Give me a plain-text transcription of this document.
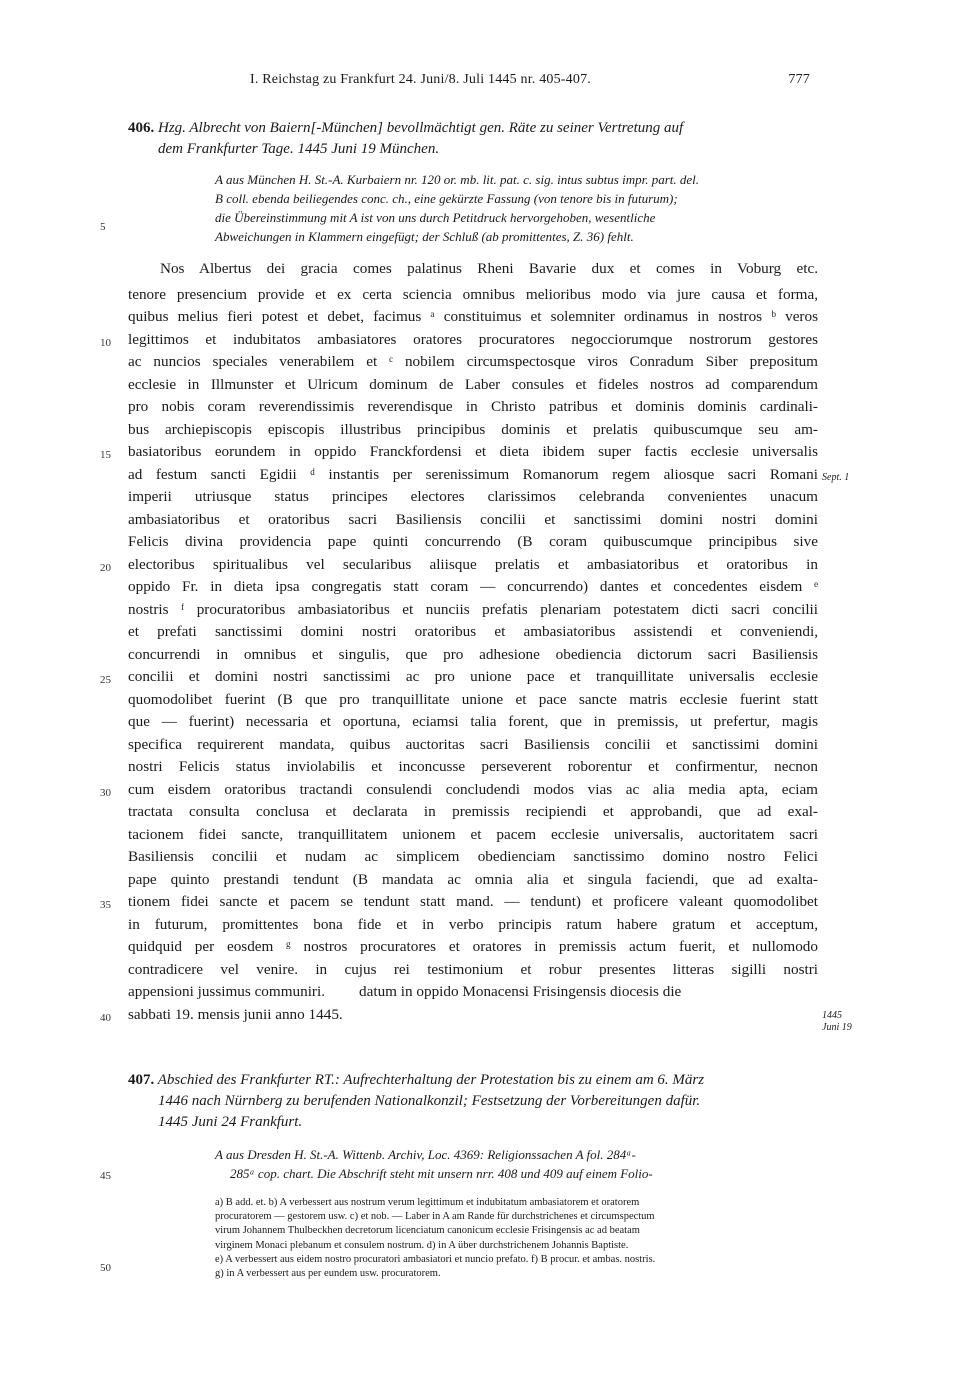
I. Reichstag zu Frankfurt 24. Juni/8. Juli 1445 nr. 405-407.	777
406. Hzg. Albrecht von Baiern[-München] bevollmächtigt gen. Räte zu seiner Vertretung auf
dem Frankfurter Tage. 1445 Juni 19 München.
A aus München H. St.-A. Kurbaiern nr. 120 or. mb. lit. pat. c. sig. intus subtus impr. part. del.
B coll. ebenda beiliegendes conc. ch., eine gekürzte Fassung (von tenore bis in futurum);
die Übereinstimmung mit A ist von uns durch Petitdruck hervorgehoben, wesentliche
Abweichungen in Klammern eingefügt; der Schluß (ab promittentes, Z. 36) fehlt.

Nos Albertus dei gracia comes palatinus Rheni Bavarie dux et comes in Voburg etc.

tenore presencium provide et ex certa sciencia omnibus melioribus modo via jure causa et forma,

quibus melius fieri potest et debet, facimus ᵃ constituimus et solemniter ordinamus in nostros ᵇ veros

legittimos et indubitatos ambasiatores oratores procuratores negocciorumque nostrorum gestores

ac nuncios speciales venerabilem et ᶜ nobilem circumspectosque viros Conradum Siber prepositum

ecclesie in Illmunster et Ulricum dominum de Laber consules et fideles nostros ad comparendum

pro nobis coram reverendissimis reverendisque in Christo patribus et dominis dominis cardinali-

bus archiepiscopis episcopis illustribus principibus dominis et prelatis quibuscumque seu am-

basiatoribus eorundem in oppido Franckfordensi et dieta ibidem super factis ecclesie universalis

ad festum sancti Egidii ᵈ instantis per serenissimum Romanorum regem aliosque sacri Romani

imperii utriusque status principes electores clarissimos celebranda convenientes unacum

ambasiatoribus et oratoribus sacri Basiliensis concilii et sanctissimi domini nostri domini

Felicis divina providencia pape quinti concurrendo (B coram quibuscumque principibus sive

electoribus spiritualibus vel secularibus aliisque prelatis et ambasiatoribus et oratoribus in

oppido Fr. in dieta ipsa congregatis statt coram — concurrendo) dantes et concedentes eisdem ᵉ

nostris ᶠ procuratoribus ambasiatoribus et nunciis prefatis plenariam potestatem dicti sacri concilii

et prefati sanctissimi domini nostri oratoribus et ambasiatoribus assistendi et conveniendi,

concurrendi in omnibus et singulis, que pro adhesione obediencia dictorum sacri Basiliensis

concilii et domini nostri sanctissimi ac pro unione pace et tranquillitate universalis ecclesie

quomodolibet fuerint (B que pro tranquillitate unione et pace sancte matris ecclesie fuerint statt

que — fuerint) necessaria et oportuna, eciamsi talia forent, que in premissis, ut prefertur, magis

specifica requirerent mandata, quibus auctoritas sacri Basiliensis concilii et sanctissimi domini

nostri Felicis status inviolabilis et inconcusse perseverent roborentur et confirmentur, necnon

cum eisdem oratoribus tractandi consulendi concludendi modos vias ac alia media apta, eciam

tractata consulta conclusa et declarata in premissis recipiendi et approbandi, que ad exal-

tacionem fidei sancte, tranquillitatem unionem et pacem ecclesie universalis, auctoritatem sacri

Basiliensis concilii et nudam ac simplicem obedienciam sanctissimo domino nostro Felici

pape quinto prestandi tendunt (B mandata ac omnia alia et singula faciendi, que ad exalta-

tionem fidei sancte et pacem se tendunt statt mand. — tendunt) et proficere valeant quomodolibet

in futurum, promittentes bona fide et in verbo principis ratum habere gratum et acceptum,

quidquid per eosdem ᵍ nostros procuratores et oratores in premissis actum fuerit, et nullomodo

contradicere vel venire. in cujus rei testimonium et robur presentes litteras sigilli nostri

appensioni jussimus communiri. datum in oppido Monacensi Frisingensis diocesis die

sabbati 19. mensis junii anno 1445.

Sept. 1
1445
Juni 19
5
10
15
20
25
30
35
40
45
50
407. Abschied des Frankfurter RT.: Aufrechterhaltung der Protestation bis zu einem am 6. März
1446 nach Nürnberg zu berufenden Nationalkonzil; Festsetzung der Vorbereitungen dafür.
1445 Juni 24 Frankfurt.
A aus Dresden H. St.-A. Wittenb. Archiv, Loc. 4369: Religionssachen A fol. 284ᵃ-
285ᵃ cop. chart. Die Abschrift steht mit unsern nrr. 408 und 409 auf einem Folio-
a) B add. et. b) A verbessert aus nostrum verum legittimum et indubitatum ambasiatorem et oratorem
procuratorem — gestorem usw. c) et nob. — Laber in A am Rande für durchstrichenes et circumspectum
virum Johannem Thulbeckhen decretorum licenciatum canonicum ecclesie Frisingensis ac ad beatam
virginem Monaci plebanum et consulem nostrum. d) in A über durchstrichenem Johannis Baptiste.
e) A verbessert aus eidem nostro procuratori ambasiatori et nuncio prefato. f) B procur. et ambas. nostris.
g) in A verbessert aus per eundem usw. procuratorem.
